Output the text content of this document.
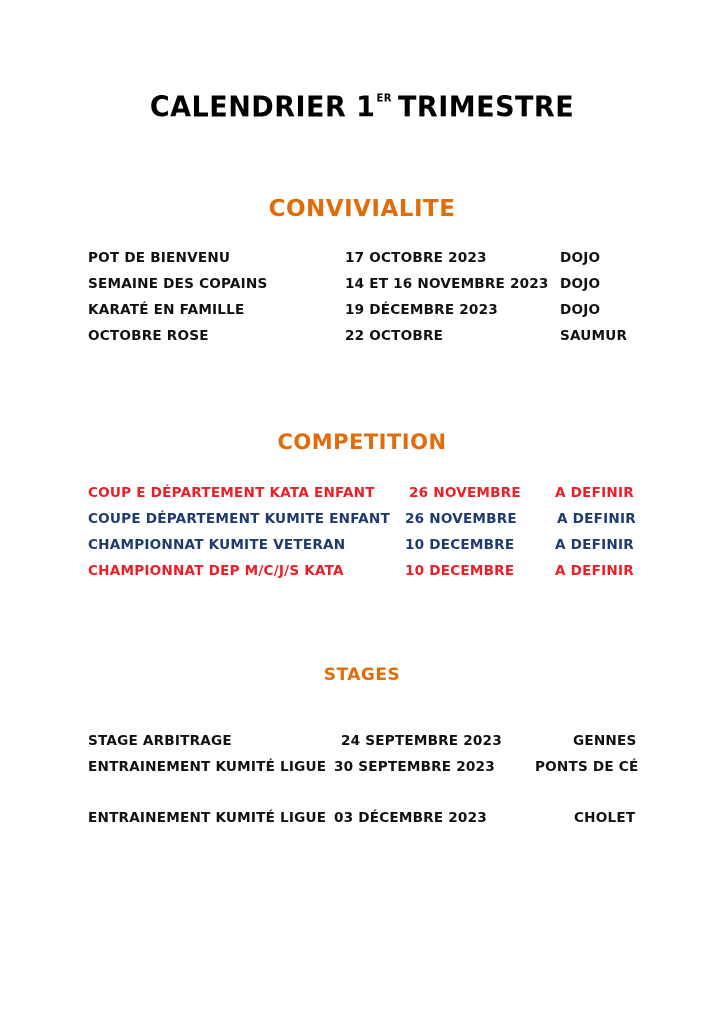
CALENDRIER 1ER TRIMESTRE
CONVIVIALITE
POT DE BIENVENU	17 OCTOBRE 2023	DOJO
SEMAINE DES COPAINS	14 ET 16 NOVEMBRE 2023 DOJO
KARATÉ EN FAMILLE	19 DÉCEMBRE 2023	DOJO
OCTOBRE ROSE	22 OCTOBRE	SAUMUR
COMPETITION
COUP E DÉPARTEMENT KATA ENFANT	26 NOVEMBRE	A DEFINIR
COUPE DÉPARTEMENT KUMITE ENFANT 26 NOVEMBRE	A DEFINIR
CHAMPIONNAT KUMITE VETERAN	10 DECEMBRE	A DEFINIR
CHAMPIONNAT DEP M/C/J/S KATA	10 DECEMBRE	A DEFINIR
STAGES
STAGE ARBITRAGE	24 SEPTEMBRE 2023	GENNES
ENTRAINEMENT KUMITÉ LIGUE 30 SEPTEMBRE 2023	PONTS DE CÉ
ENTRAINEMENT KUMITÉ LIGUE 03 DÉCEMBRE 2023	CHOLET
